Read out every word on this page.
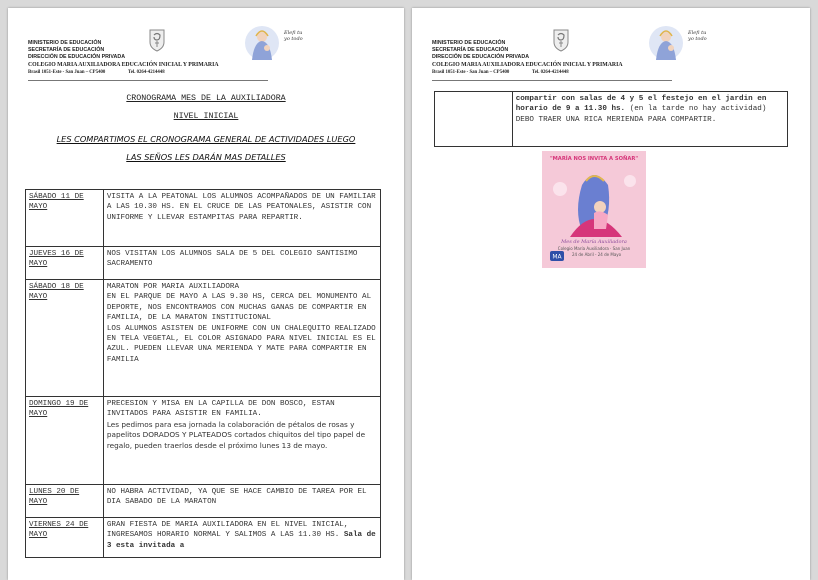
MINISTERIO DE EDUCACIÓN
SECRETARÍA DE EDUCACIÓN
DIRECCIÓN DE EDUCACIÓN PRIVADA
COLEGIO MARIA AUXILIADORA EDUCACIÓN INICIAL Y PRIMARIA
Brasil 1051-Este - San Juan – CP5400	Tel. 0264-4214448
Elefi tu yo todo
CRONOGRAMA MES DE LA AUXILIADORA
NIVEL INICIAL
LES COMPARTIMOS EL CRONOGRAMA GENERAL DE ACTIVIDADES LUEGO
LAS SEÑOS LES DARÁN MAS DETALLES
SÁBADO 11 DE MAYO	VISITA A LA PEATONAL LOS ALUMNOS ACOMPAÑADOS DE UN FAMILIAR A LAS 10.30 HS. EN EL CRUCE DE LAS PEATONALES, ASISTIR CON UNIFORME Y LLEVAR ESTAMPITAS PARA REPARTIR.
JUEVES 16 DE MAYO	NOS VISITAN LOS ALUMNOS SALA DE 5 DEL COLEGIO SANTISIMO SACRAMENTO
SÁBADO 18 DE MAYO	MARATON POR MARIA AUXILIADORA
EN EL PARQUE DE MAYO A LAS 9.30 HS, CERCA DEL MONUMENTO AL DEPORTE, NOS ENCONTRAMOS CON MUCHAS GANAS DE COMPARTIR EN FAMILIA, DE LA MARATON INSTITUCIONAL
LOS ALUMNOS ASISTEN DE UNIFORME CON UN CHALEQUITO REALIZADO EN TELA VEGETAL, EL COLOR ASIGNADO PARA NIVEL INICIAL ES EL AZUL. PUEDEN LLEVAR UNA MERIENDA Y MATE PARA COMPARTIR EN FAMILIA

DOMINGO 19 DE MAYO	PRECESION Y MISA EN LA CAPILLA DE DON BOSCO, ESTAN INVITADOS PARA ASISTIR EN FAMILIA.
Les pedimos para esa jornada la colaboración de pétalos de rosas y papelitos DORADOS Y PLATEADOS cortados chiquitos del tipo papel de regalo, pueden traerlos desde el próximo lunes 13 de mayo.

LUNES 20 DE MAYO	NO HABRA ACTIVIDAD, YA QUE SE HACE CAMBIO DE TAREA POR EL DIA SABADO DE LA MARATON
VIERNES 24 DE MAYO	GRAN FIESTA DE MARIA AUXILIADORA EN EL NIVEL INICIAL, INGRESAMOS HORARIO NORMAL Y SALIMOS A LAS 11.30 HS. Sala de 3 esta invitada a
MINISTERIO DE EDUCACIÓN
SECRETARÍA DE EDUCACIÓN
DIRECCIÓN DE EDUCACIÓN PRIVADA
COLEGIO MARIA AUXILIADORA EDUCACIÓN INICIAL Y PRIMARIA
Brasil 1051-Este - San Juan – CP5400	Tel. 0264-4214448
Elefi tu yo todo
	compartir con salas de 4 y 5 el festejo en el jardin en horario de 9 a 11.30 hs. (en la tarde no hay actividad)
DEBO TRAER UNA RICA MERIENDA PARA COMPARTIR.
"MARÍA NOS INVITA A SOÑAR"
Mes de María Auxiliadora
Colegio María Auxiliadora · San Juan
24 de Abril - 24 de Mayo
MA
